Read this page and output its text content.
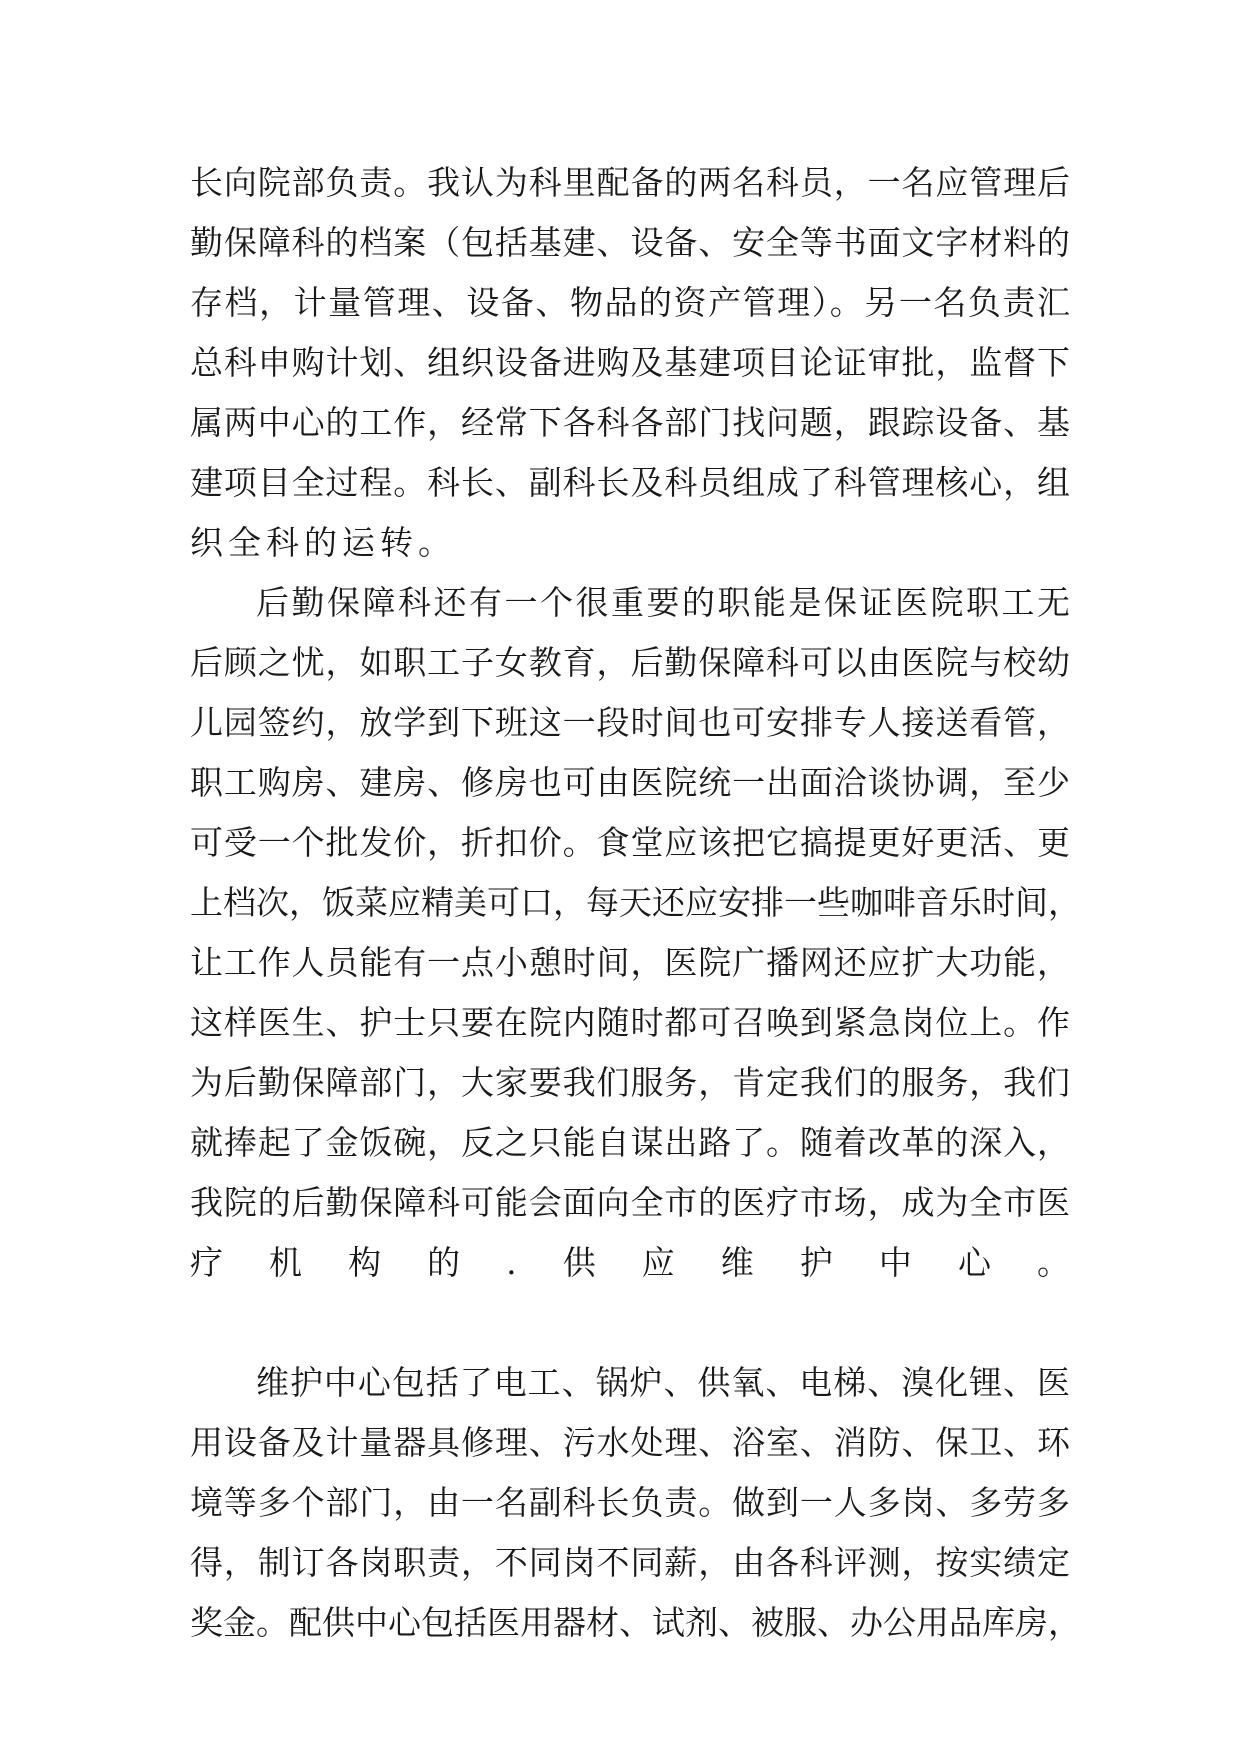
长向院部负责。我认为科里配备的两名科员，一名应管理后
勤保障科的档案（包括基建、设备、安全等书面文字材料的
存档，计量管理、设备、物品的资产管理）。另一名负责汇
总科申购计划、组织设备进购及基建项目论证审批，监督下
属两中心的工作，经常下各科各部门找问题，跟踪设备、基
建项目全过程。科长、副科长及科员组成了科管理核心，组
织全科的运转。
后勤保障科还有一个很重要的职能是保证医院职工无
后顾之忧，如职工子女教育，后勤保障科可以由医院与校幼
儿园签约，放学到下班这一段时间也可安排专人接送看管，
职工购房、建房、修房也可由医院统一出面洽谈协调，至少
可受一个批发价，折扣价。食堂应该把它搞提更好更活、更
上档次，饭菜应精美可口，每天还应安排一些咖啡音乐时间，
让工作人员能有一点小憩时间，医院广播网还应扩大功能，
这样医生、护士只要在院内随时都可召唤到紧急岗位上。作
为后勤保障部门，大家要我们服务，肯定我们的服务，我们
就捧起了金饭碗，反之只能自谋出路了。随着改革的深入，
我院的后勤保障科可能会面向全市的医疗市场，成为全市医
疗机构的.供应维护中心。
维护中心包括了电工、锅炉、供氧、电梯、溴化锂、医
用设备及计量器具修理、污水处理、浴室、消防、保卫、环
境等多个部门，由一名副科长负责。做到一人多岗、多劳多
得，制订各岗职责，不同岗不同薪，由各科评测，按实绩定
奖金。配供中心包括医用器材、试剂、被服、办公用品库房，
